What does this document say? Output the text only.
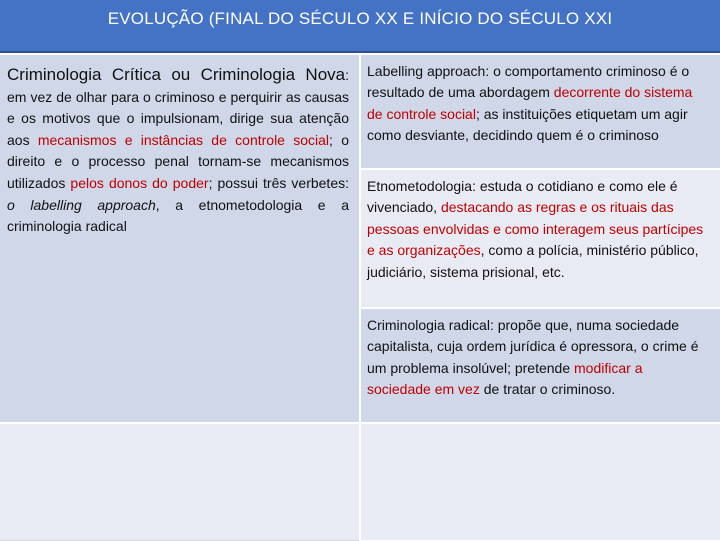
EVOLUÇÃO (FINAL DO SÉCULO XX E INÍCIO DO SÉCULO XXI
Criminologia Crítica ou Criminologia Nova: em vez de olhar para o criminoso e perquirir as causas e os motivos que o impulsionam, dirige sua atenção aos mecanismos e instâncias de controle social; o direito e o processo penal tornam-se mecanismos utilizados pelos donos do poder; possui três verbetes: o labelling approach, a etnometodologia e a criminologia radical
Labelling approach: o comportamento criminoso é o resultado de uma abordagem decorrente do sistema de controle social; as instituições etiquetam um agir como desviante, decidindo quem é o criminoso
Etnometodologia: estuda o cotidiano e como ele é vivenciado, destacando as regras e os rituais das pessoas envolvidas e como interagem seus partícipes e as organizações, como a polícia, ministério público, judiciário, sistema prisional, etc.
Criminologia radical: propõe que, numa sociedade capitalista, cuja ordem jurídica é opressora, o crime é um problema insolúvel; pretende modificar a sociedade em vez de tratar o criminoso.
